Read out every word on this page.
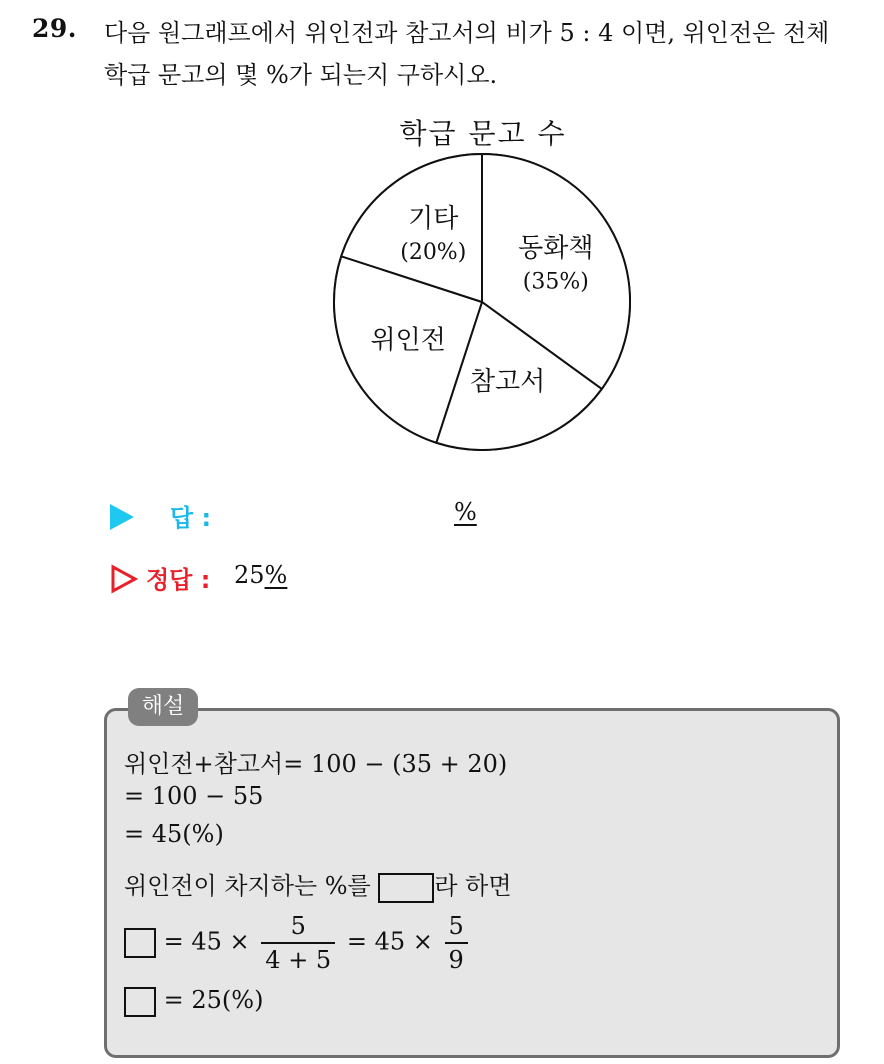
29. 다음 원그래프에서 위인전과 참고서의 비가 5 : 4 이면, 위인전은 전체
학급 문고의 몇 %가 되는지 구하시오.
학급 문고 수
동화책
(35%)
참고서
위인전
기타
(20%)
답 :	%
정답 : 25%
해설
위인전+참고서= 100 − (35 + 20)
= 100 − 55
= 45(%)
위인전이 차지하는 %를	라 하면
= $45 \times \frac{5}{4 + 5} = 45 \times \frac{5}{9}$
= 25(%)
